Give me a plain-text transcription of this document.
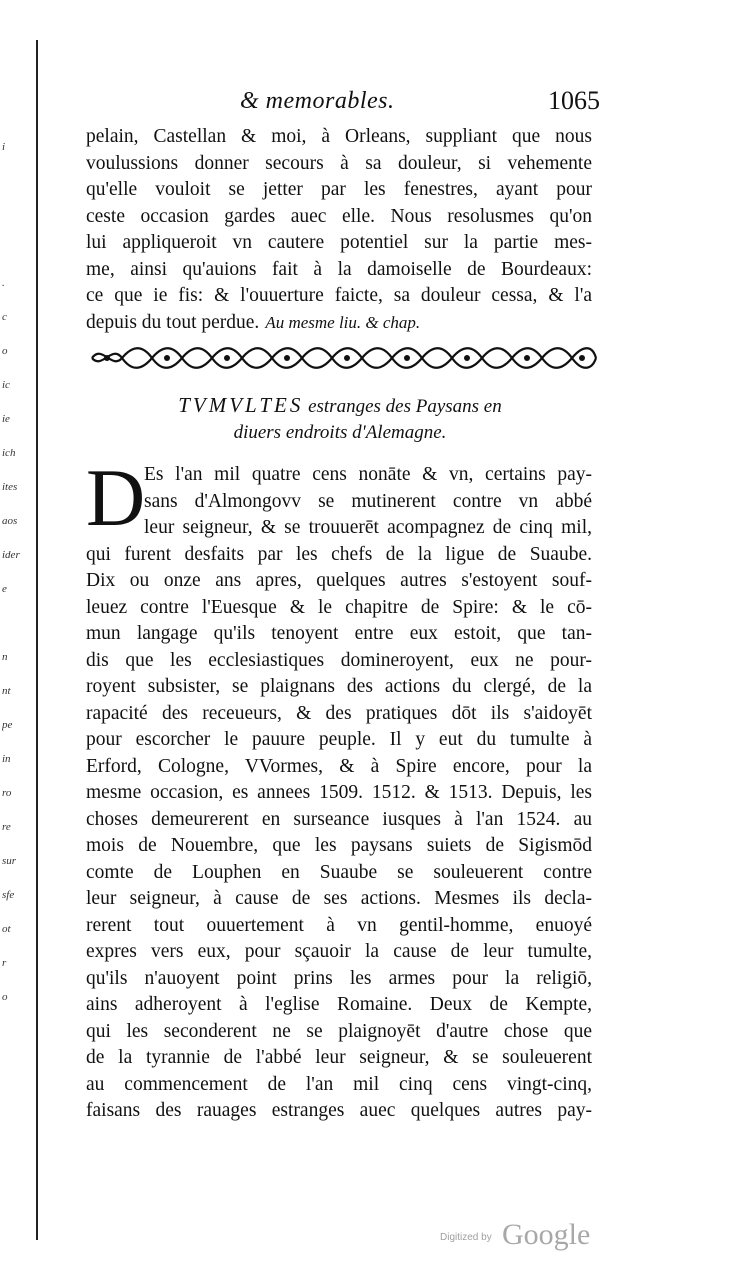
i
.
c
o
ic
ie
ich
ites
aos
ider
e
n
nt
pe
in
ro
re
sur
sfe
ot
r
o
& memorables.	1065
pelain, Castellan & moi, à Orleans, suppliant que nous
voulussions donner secours à sa douleur, si vehemente
qu'elle vouloit se jetter par les fenestres, ayant pour
ceste occasion gardes auec elle. Nous resolusmes qu'on
lui appliqueroit vn cautere potentiel sur la partie mes-
me, ainsi qu'auions fait à la damoiselle de Bourdeaux:
ce que ie fis: & l'ouuerture faicte, sa douleur cessa, & l'a
depuis du tout perdue. Au mesme liu. & chap.
TVMVLTES estranges des Paysans en
diuers endroits d'Alemagne.
D
Es l'an mil quatre cens nonāte & vn, certains pay-
sans d'Almongovv se mutinerent contre vn abbé
leur seigneur, & se trouuerēt acompagnez de cinq mil,
qui furent desfaits par les chefs de la ligue de Suaube.
Dix ou onze ans apres, quelques autres s'estoyent souf-
leuez contre l'Euesque & le chapitre de Spire: & le cō-
mun langage qu'ils tenoyent entre eux estoit, que tan-
dis que les ecclesiastiques domineroyent, eux ne pour-
royent subsister, se plaignans des actions du clergé, de la
rapacité des receueurs, & des pratiques dōt ils s'aidoyēt
pour escorcher le pauure peuple. Il y eut du tumulte à
Erford, Cologne, VVormes, & à Spire encore, pour la
mesme occasion, es annees 1509. 1512. & 1513. Depuis, les
choses demeurerent en surseance iusques à l'an 1524. au
mois de Nouembre, que les paysans suiets de Sigismōd
comte de Louphen en Suaube se souleuerent contre
leur seigneur, à cause de ses actions. Mesmes ils decla-
rerent tout ouuertement à vn gentil-homme, enuoyé
expres vers eux, pour sçauoir la cause de leur tumulte,
qu'ils n'auoyent point prins les armes pour la religiō,
ains adheroyent à l'eglise Romaine. Deux de Kempte,
qui les seconderent ne se plaignoyēt d'autre chose que
de la tyrannie de l'abbé leur seigneur, & se souleuerent
au commencement de l'an mil cinq cens vingt-cinq,
faisans des rauages estranges auec quelques autres pay-
Digitized by Google
